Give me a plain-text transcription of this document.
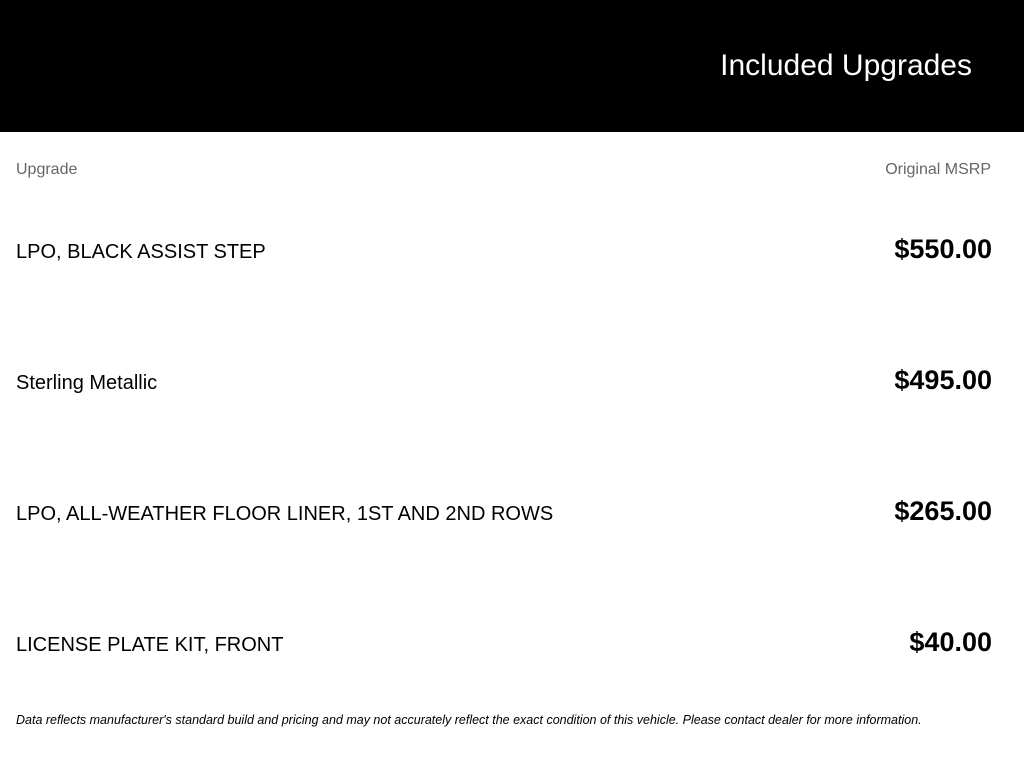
Included Upgrades
Upgrade	Original MSRP
LPO, BLACK ASSIST STEP	$550.00
Sterling Metallic	$495.00
LPO, ALL-WEATHER FLOOR LINER, 1ST AND 2ND ROWS	$265.00
LICENSE PLATE KIT, FRONT	$40.00
Data reflects manufacturer's standard build and pricing and may not accurately reflect the exact condition of this vehicle. Please contact dealer for more information.
